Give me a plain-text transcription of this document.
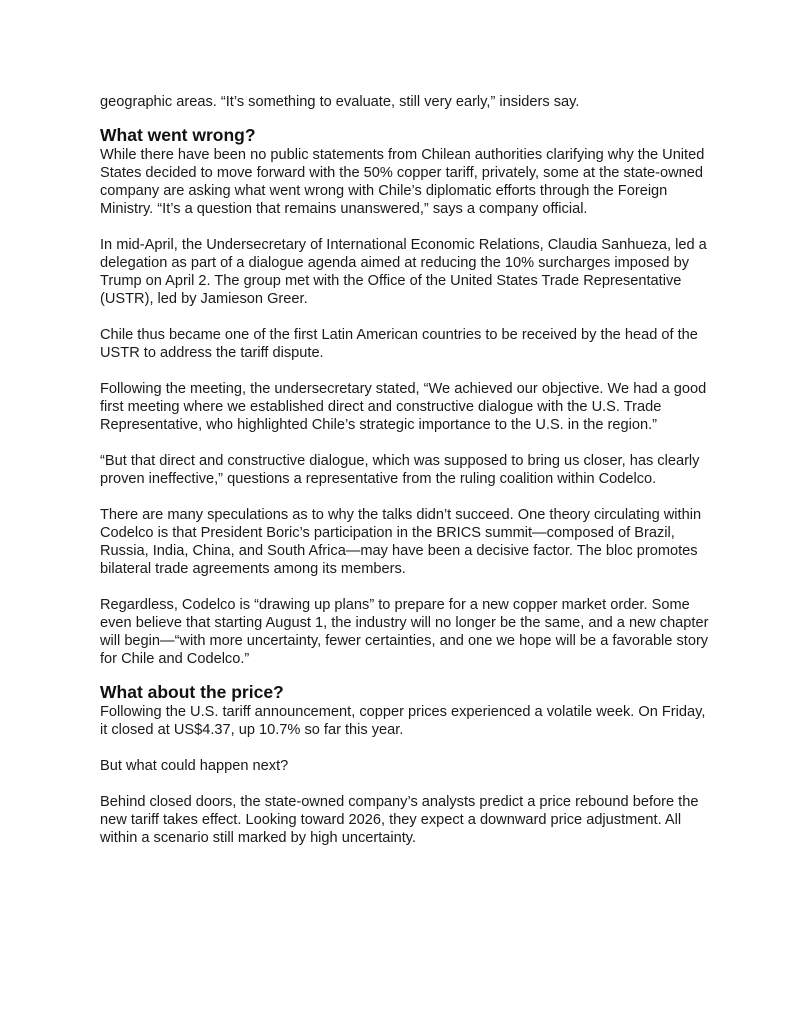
geographic areas. “It’s something to evaluate, still very early,” insiders say.

What went wrong?

While there have been no public statements from Chilean authorities clarifying why the United States decided to move forward with the 50% copper tariff, privately, some at the state-owned company are asking what went wrong with Chile’s diplomatic efforts through the Foreign Ministry. “It’s a question that remains unanswered,” says a company official.

In mid-April, the Undersecretary of International Economic Relations, Claudia Sanhueza, led a delegation as part of a dialogue agenda aimed at reducing the 10% surcharges imposed by Trump on April 2. The group met with the Office of the United States Trade Representative (USTR), led by Jamieson Greer.

Chile thus became one of the first Latin American countries to be received by the head of the USTR to address the tariff dispute.

Following the meeting, the undersecretary stated, “We achieved our objective. We had a good first meeting where we established direct and constructive dialogue with the U.S. Trade Representative, who highlighted Chile’s strategic importance to the U.S. in the region.”

“But that direct and constructive dialogue, which was supposed to bring us closer, has clearly proven ineffective,” questions a representative from the ruling coalition within Codelco.

There are many speculations as to why the talks didn’t succeed. One theory circulating within Codelco is that President Boric’s participation in the BRICS summit—composed of Brazil, Russia, India, China, and South Africa—may have been a decisive factor. The bloc promotes bilateral trade agreements among its members.

Regardless, Codelco is “drawing up plans” to prepare for a new copper market order. Some even believe that starting August 1, the industry will no longer be the same, and a new chapter will begin—“with more uncertainty, fewer certainties, and one we hope will be a favorable story for Chile and Codelco.”

What about the price?

Following the U.S. tariff announcement, copper prices experienced a volatile week. On Friday, it closed at US$4.37, up 10.7% so far this year.

But what could happen next?

Behind closed doors, the state-owned company’s analysts predict a price rebound before the new tariff takes effect. Looking toward 2026, they expect a downward price adjustment. All within a scenario still marked by high uncertainty.
